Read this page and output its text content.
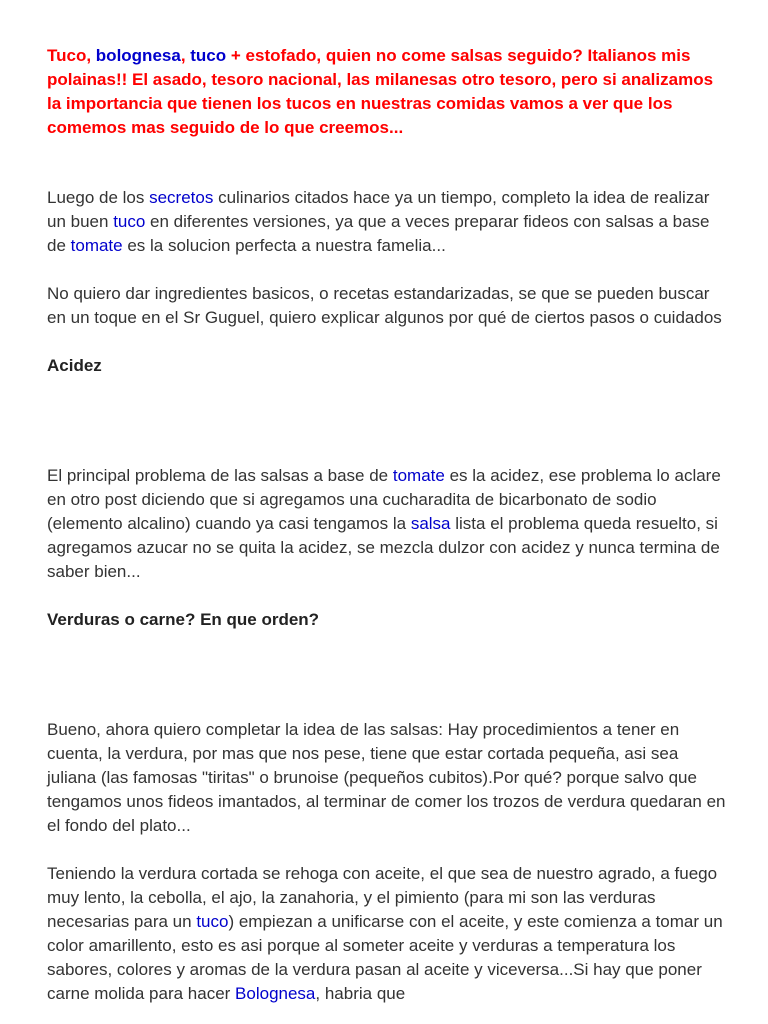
Tuco, bolognesa, tuco + estofado, quien no come salsas seguido? Italianos mis polainas!! El asado, tesoro nacional, las milanesas otro tesoro, pero si analizamos la importancia que tienen los tucos en nuestras comidas vamos a ver que los comemos mas seguido de lo que creemos...

Luego de los secretos culinarios citados hace ya un tiempo, completo la idea de realizar un buen tuco en diferentes versiones, ya que a veces preparar fideos con salsas a base de tomate es la solucion perfecta a nuestra famelia...

No quiero dar ingredientes basicos, o recetas estandarizadas, se que se pueden buscar en un toque en el Sr Guguel, quiero explicar algunos por qué de ciertos pasos o cuidados

Acidez

El principal problema de las salsas a base de tomate es la acidez, ese problema lo aclare en otro post diciendo que si agregamos una cucharadita de bicarbonato de sodio (elemento alcalino) cuando ya casi tengamos la salsa lista el problema queda resuelto, si agregamos azucar no se quita la acidez, se mezcla dulzor con acidez y nunca termina de saber bien...

Verduras o carne? En que orden?

Bueno, ahora quiero completar la idea de las salsas: Hay procedimientos a tener en cuenta, la verdura, por mas que nos pese, tiene que estar cortada pequeña, asi sea juliana (las famosas "tiritas" o brunoise (pequeños cubitos).Por qué? porque salvo que tengamos unos fideos imantados, al terminar de comer los trozos de verdura quedaran en el fondo del plato...

Teniendo la verdura cortada se rehoga con aceite, el que sea de nuestro agrado, a fuego muy lento, la cebolla, el ajo, la zanahoria, y el pimiento (para mi son las verduras necesarias para un tuco) empiezan a unificarse con el aceite, y este comienza a tomar un color amarillento, esto es asi porque al someter aceite y verduras a temperatura los sabores, colores y aromas de la verdura pasan al aceite y viceversa...Si hay que poner carne molida para hacer Bolognesa, habria que
